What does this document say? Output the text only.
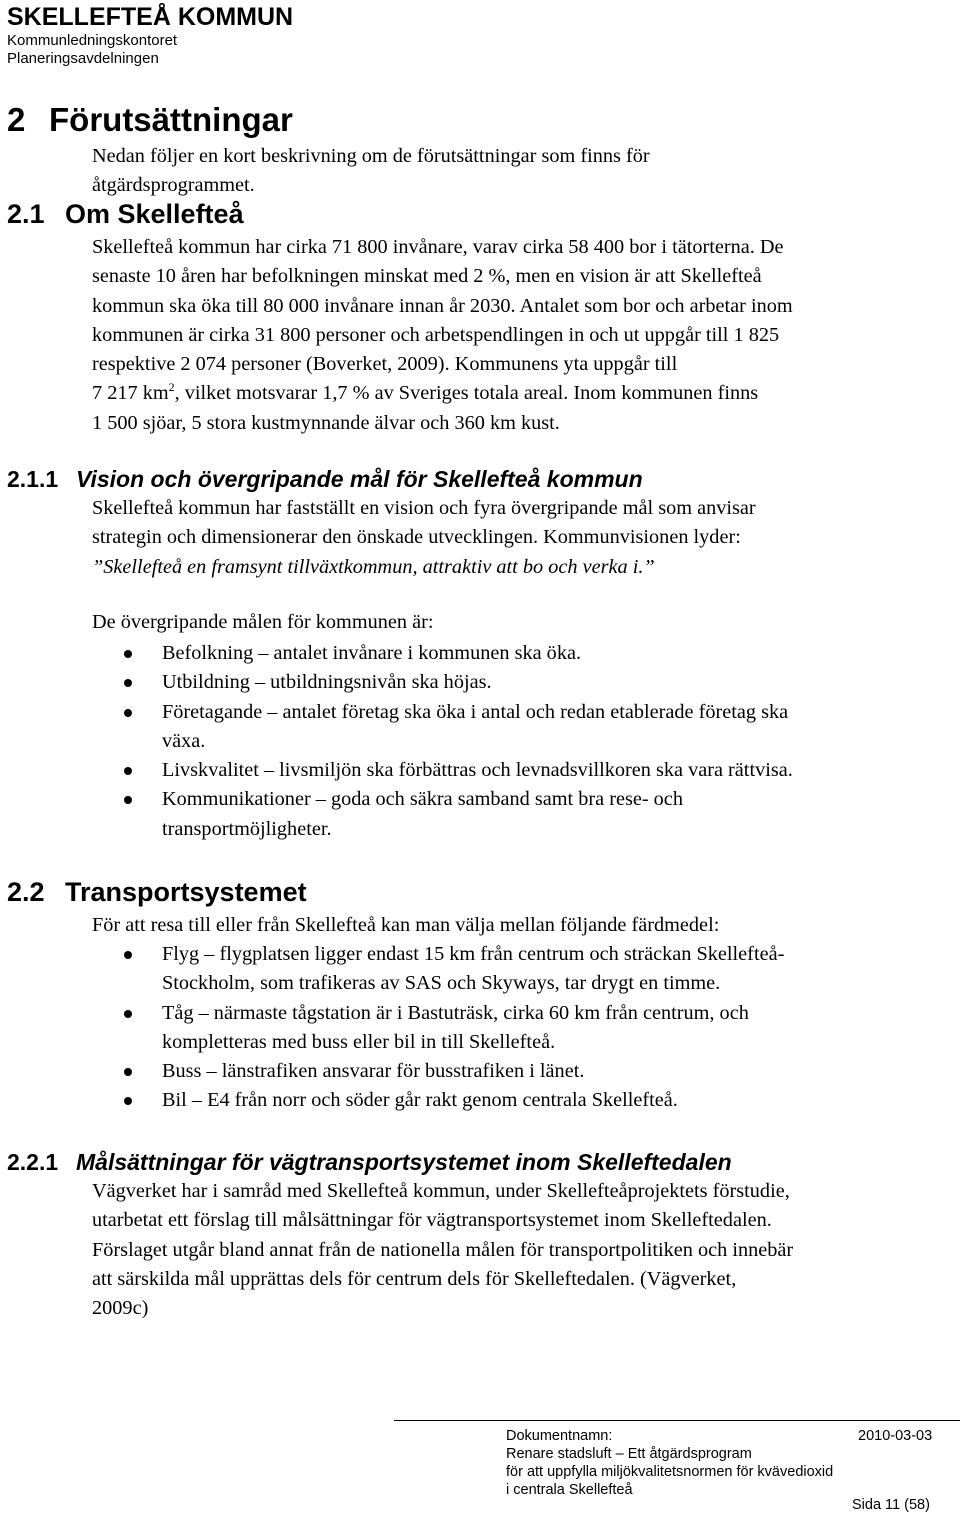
SKELLEFTEÅ KOMMUN
Kommunledningskontoret
Planeringsavdelningen
2 Förutsättningar
Nedan följer en kort beskrivning om de förutsättningar som finns för
åtgärdsprogrammet.
2.1 Om Skellefteå
Skellefteå kommun har cirka 71 800 invånare, varav cirka 58 400 bor i tätorterna. De
senaste 10 åren har befolkningen minskat med 2 %, men en vision är att Skellefteå
kommun ska öka till 80 000 invånare innan år 2030. Antalet som bor och arbetar inom
kommunen är cirka 31 800 personer och arbetspendlingen in och ut uppgår till 1 825
respektive 2 074 personer (Boverket, 2009). Kommunens yta uppgår till
7 217 $km^2$, vilket motsvarar 1,7 % av Sveriges totala areal. Inom kommunen finns
1 500 sjöar, 5 stora kustmynnande älvar och 360 km kust.
2.1.1 Vision och övergripande mål för Skellefteå kommun
Skellefteå kommun har fastställt en vision och fyra övergripande mål som anvisar
strategin och dimensionerar den önskade utvecklingen. Kommunvisionen lyder:
”Skellefteå en framsynt tillväxtkommun, attraktiv att bo och verka i.”
De övergripande målen för kommunen är:
Befolkning – antalet invånare i kommunen ska öka.
Utbildning – utbildningsnivån ska höjas.
Företagande – antalet företag ska öka i antal och redan etablerade företag ska
växa.
Livskvalitet – livsmiljön ska förbättras och levnadsvillkoren ska vara rättvisa.
Kommunikationer – goda och säkra samband samt bra rese- och
transportmöjligheter.
2.2 Transportsystemet
För att resa till eller från Skellefteå kan man välja mellan följande färdmedel:
Flyg – flygplatsen ligger endast 15 km från centrum och sträckan Skellefteå-
Stockholm, som trafikeras av SAS och Skyways, tar drygt en timme.
Tåg – närmaste tågstation är i Bastuträsk, cirka 60 km från centrum, och
kompletteras med buss eller bil in till Skellefteå.
Buss – länstrafiken ansvarar för busstrafiken i länet.
Bil – E4 från norr och söder går rakt genom centrala Skellefteå.
2.2.1 Målsättningar för vägtransportsystemet inom Skelleftedalen
Vägverket har i samråd med Skellefteå kommun, under Skellefteåprojektets förstudie,
utarbetat ett förslag till målsättningar för vägtransportsystemet inom Skelleftedalen.
Förslaget utgår bland annat från de nationella målen för transportpolitiken och innebär
att särskilda mål upprättas dels för centrum dels för Skelleftedalen. (Vägverket,
2009c)
Dokumentnamn:	2010-03-03
Renare stadsluft – Ett åtgärdsprogram
för att uppfylla miljökvalitetsnormen för kvävedioxid
i centrala Skellefteå
Sida 11 (58)
